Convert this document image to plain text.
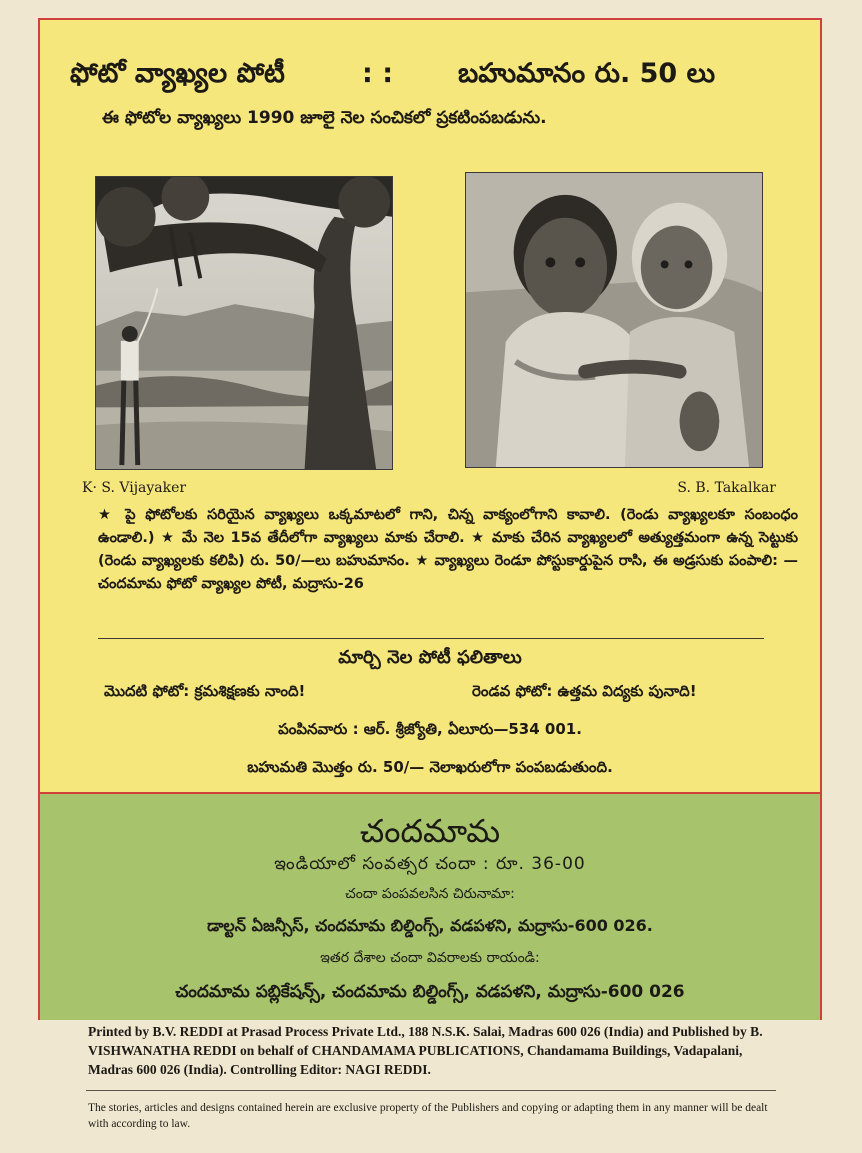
ఫోటో వ్యాఖ్యల పోటీ	: : బహుమానం రు. 50 లు
ఈ ఫోటోల వ్యాఖ్యలు 1990 జూలై నెల సంచికలో ప్రకటింపబడును.
K· S. Vijayaker	S. B. Takalkar
★ పై ఫోటోలకు సరియైన వ్యాఖ్యలు ఒక్కమాటలో గాని, చిన్న వాక్యంలోగాని కావాలి. (రెండు వ్యాఖ్యలకూ సంబంధం ఉండాలి.) ★ మే నెల 15వ తేదీలోగా వ్యాఖ్యలు మాకు చేరాలి. ★ మాకు చేరిన వ్యాఖ్యలలో అత్యుత్తమంగా ఉన్న సెట్టుకు (రెండు వ్యాఖ్యలకు కలిపి) రు. 50/—లు బహుమానం. ★ వ్యాఖ్యలు రెండూ పోస్టుకార్డుపైన రాసి, ఈ అడ్రసుకు పంపాలి: — చందమామ ఫోటో వ్యాఖ్యల పోటీ, మద్రాసు-26
మార్చి నెల పోటీ ఫలితాలు
మొదటి ఫోటో: క్రమశిక్షణకు నాంది!	రెండవ ఫోటో: ఉత్తమ విద్యకు పునాది!
పంపినవారు : ఆర్. శ్రీజ్యోతి, ఏలూరు—534 001.
బహుమతి మొత్తం రు. 50/— నెలాఖరులోగా పంపబడుతుంది.
చందమామ
ఇండియాలో సంవత్సర చందా : రూ. 36-00
చందా పంపవలసిన చిరునామా:
డాల్టన్ ఏజన్సీస్, చందమామ బిల్డింగ్స్, వడపళని, మద్రాసు-600 026.
ఇతర దేశాల చందా వివరాలకు రాయండి:
చందమామ పబ్లికేషన్స్, చందమామ బిల్డింగ్స్, వడపళని, మద్రాసు-600 026
Printed by B.V. REDDI at Prasad Process Private Ltd., 188 N.S.K. Salai, Madras 600 026 (India) and Published by B. VISHWANATHA REDDI on behalf of CHANDAMAMA PUBLICATIONS, Chandamama Buildings, Vadapalani, Madras 600 026 (India). Controlling Editor: NAGI REDDI.
The stories, articles and designs contained herein are exclusive property of the Publishers and copying or adapting them in any manner will be dealt with according to law.
